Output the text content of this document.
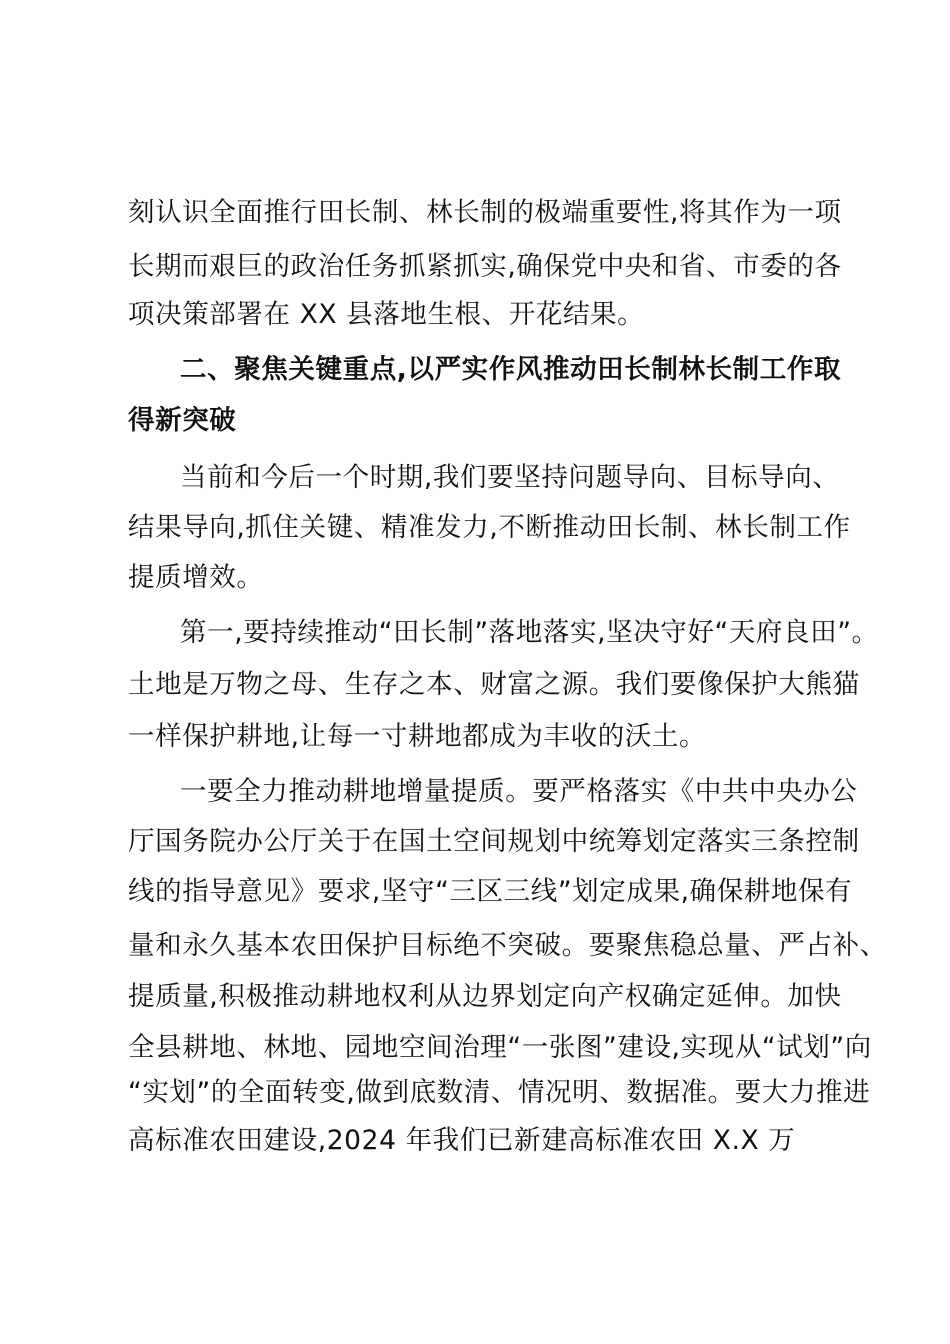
刻认识全面推行田长制、林长制的极端重要性,将其作为一项
长期而艰巨的政治任务抓紧抓实,确保党中央和省、市委的各
项决策部署在 XX 县落地生根、开花结果。
二、聚焦关键重点,以严实作风推动田长制林长制工作取
得新突破
当前和今后一个时期,我们要坚持问题导向、目标导向、
结果导向,抓住关键、精准发力,不断推动田长制、林长制工作
提质增效。
第一,要持续推动“田长制”落地落实,坚决守好“天府良田”。
土地是万物之母、生存之本、财富之源。我们要像保护大熊猫
一样保护耕地,让每一寸耕地都成为丰收的沃土。
一要全力推动耕地增量提质。要严格落实《中共中央办公
厅国务院办公厅关于在国土空间规划中统筹划定落实三条控制
线的指导意见》要求,坚守“三区三线”划定成果,确保耕地保有
量和永久基本农田保护目标绝不突破。要聚焦稳总量、严占补、
提质量,积极推动耕地权利从边界划定向产权确定延伸。加快
全县耕地、林地、园地空间治理“一张图”建设,实现从“试划”向
“实划”的全面转变,做到底数清、情况明、数据准。要大力推进
高标准农田建设,2024 年我们已新建高标准农田 X.X 万
